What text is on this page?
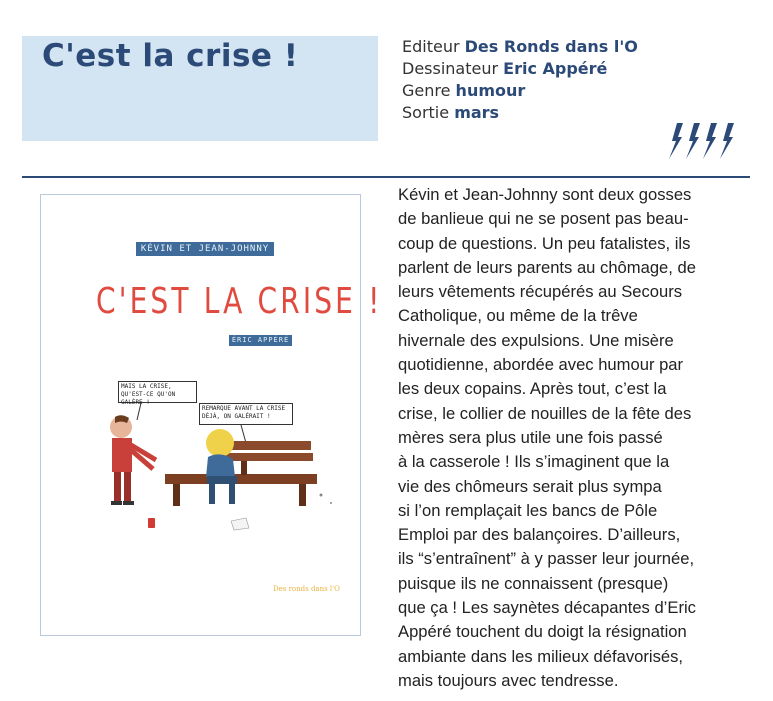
C'est la crise !	Editeur Des Ronds dans l'O
Dessinateur Eric Appéré
Genre humour
Sortie mars
KÉVIN ET JEAN-JOHNNY
C'EST LA CRISE !
ÉRIC APPÉRÉ
MAIS LA CRISE, QU'EST-CE QU'ON GALÈRE !
REMARQUE AVANT LA CRISE DÉJÀ, ON GALÉRAIT !
Des ronds dans l'O

Kévin et Jean-Johnny sont deux gosses
de banlieue qui ne se posent pas beau-
coup de questions. Un peu fatalistes, ils
parlent de leurs parents au chômage, de
leurs vêtements récupérés au Secours
Catholique, ou même de la trêve
hivernale des expulsions. Une misère
quotidienne, abordée avec humour par
les deux copains. Après tout, c’est la
crise, le collier de nouilles de la fête des
mères sera plus utile une fois passé
à la casserole ! Ils s’imaginent que la
vie des chômeurs serait plus sympa
si l’on remplaçait les bancs de Pôle
Emploi par des balançoires. D’ailleurs,
ils “s’entraînent” à y passer leur journée,
puisque ils ne connaissent (presque)
que ça ! Les saynètes décapantes d’Eric
Appéré touchent du doigt la résignation
ambiante dans les milieux défavorisés,
mais toujours avec tendresse.
